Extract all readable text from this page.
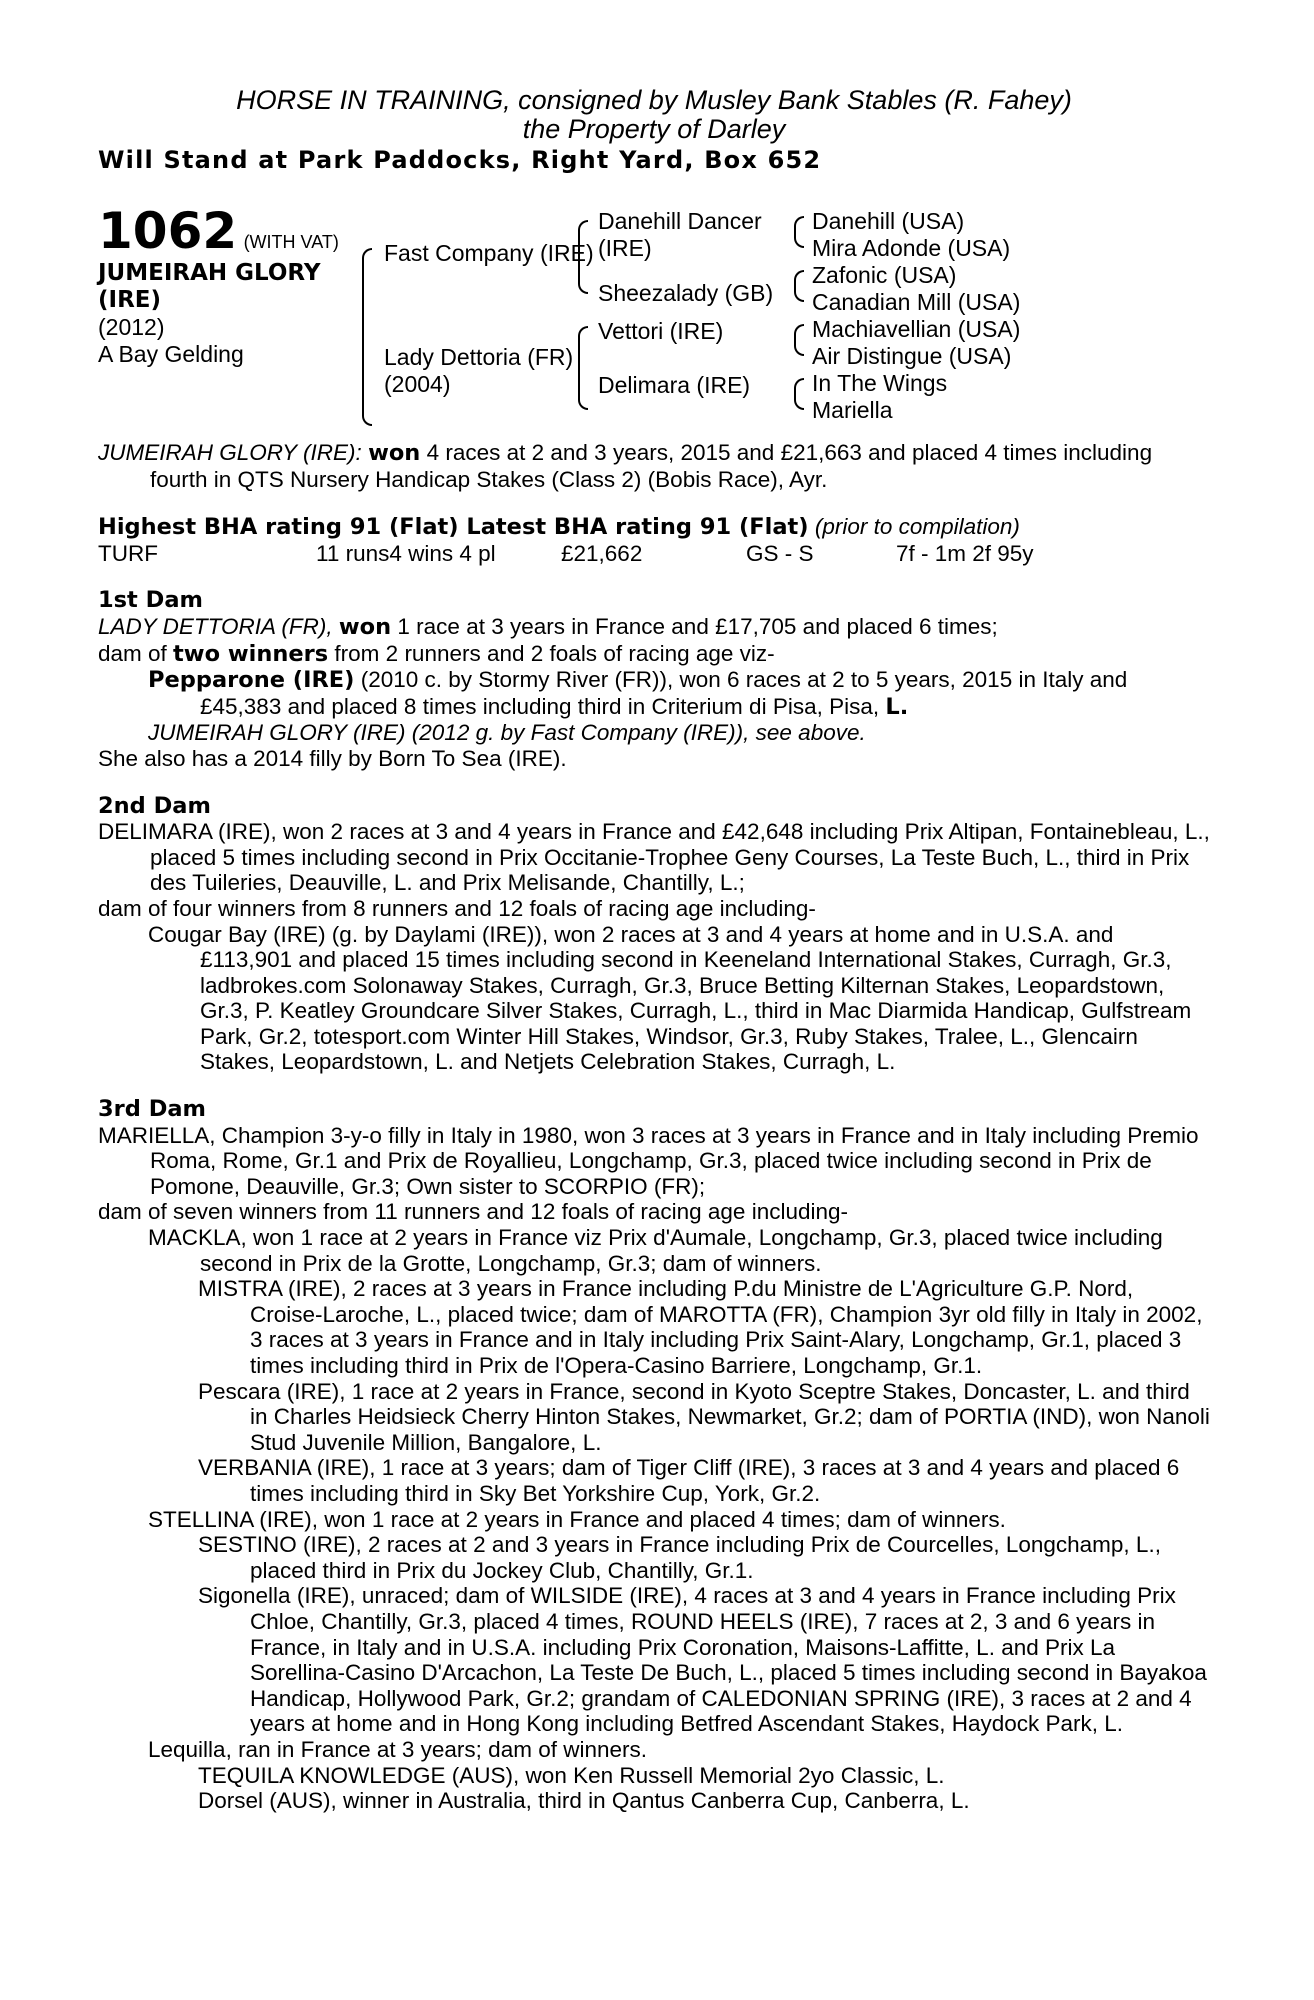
HORSE IN TRAINING, consigned by Musley Bank Stables (R. Fahey)
the Property of Darley
Will Stand at Park Paddocks, Right Yard, Box 652
1062 (WITH VAT)
JUMEIRAH GLORY
(IRE)
(2012)
A Bay Gelding
Fast Company (IRE)
Lady Dettoria (FR)
(2004)
Danehill Dancer
(IRE)
Sheezalady (GB)
Vettori (IRE)
Delimara (IRE)
Danehill (USA)
Mira Adonde (USA)
Zafonic (USA)
Canadian Mill (USA)
Machiavellian (USA)
Air Distingue (USA)
In The Wings
Mariella

JUMEIRAH GLORY (IRE): won 4 races at 2 and 3 years, 2015 and £21,663 and placed 4 times including fourth in QTS Nursery Handicap Stakes (Class 2) (Bobis Race), Ayr.

Highest BHA rating 91 (Flat) Latest BHA rating 91 (Flat) (prior to compilation)

TURF	11 runs4 wins 4 pl	£21,662	GS - S	7f - 1m 2f 95y

1st Dam

LADY DETTORIA (FR), won 1 race at 3 years in France and £17,705 and placed 6 times;

dam of two winners from 2 runners and 2 foals of racing age viz-

Pepparone (IRE) (2010 c. by Stormy River (FR)), won 6 races at 2 to 5 years, 2015 in Italy and £45,383 and placed 8 times including third in Criterium di Pisa, Pisa, L.

JUMEIRAH GLORY (IRE) (2012 g. by Fast Company (IRE)), see above.

She also has a 2014 filly by Born To Sea (IRE).

2nd Dam

DELIMARA (IRE), won 2 races at 3 and 4 years in France and £42,648 including Prix Altipan, Fontainebleau, L., placed 5 times including second in Prix Occitanie-Trophee Geny Courses, La Teste Buch, L., third in Prix des Tuileries, Deauville, L. and Prix Melisande, Chantilly, L.;

dam of four winners from 8 runners and 12 foals of racing age including-

Cougar Bay (IRE) (g. by Daylami (IRE)), won 2 races at 3 and 4 years at home and in U.S.A. and £113,901 and placed 15 times including second in Keeneland International Stakes, Curragh, Gr.3, ladbrokes.com Solonaway Stakes, Curragh, Gr.3, Bruce Betting Kilternan Stakes, Leopardstown, Gr.3, P. Keatley Groundcare Silver Stakes, Curragh, L., third in Mac Diarmida Handicap, Gulfstream Park, Gr.2, totesport.com Winter Hill Stakes, Windsor, Gr.3, Ruby Stakes, Tralee, L., Glencairn Stakes, Leopardstown, L. and Netjets Celebration Stakes, Curragh, L.

3rd Dam

MARIELLA, Champion 3-y-o filly in Italy in 1980, won 3 races at 3 years in France and in Italy including Premio Roma, Rome, Gr.1 and Prix de Royallieu, Longchamp, Gr.3, placed twice including second in Prix de Pomone, Deauville, Gr.3; Own sister to SCORPIO (FR);

dam of seven winners from 11 runners and 12 foals of racing age including-

MACKLA, won 1 race at 2 years in France viz Prix d'Aumale, Longchamp, Gr.3, placed twice including second in Prix de la Grotte, Longchamp, Gr.3; dam of winners.

MISTRA (IRE), 2 races at 3 years in France including P.du Ministre de L'Agriculture G.P. Nord, Croise-Laroche, L., placed twice; dam of MAROTTA (FR), Champion 3yr old filly in Italy in 2002, 3 races at 3 years in France and in Italy including Prix Saint-Alary, Longchamp, Gr.1, placed 3 times including third in Prix de l'Opera-Casino Barriere, Longchamp, Gr.1.

Pescara (IRE), 1 race at 2 years in France, second in Kyoto Sceptre Stakes, Doncaster, L. and third in Charles Heidsieck Cherry Hinton Stakes, Newmarket, Gr.2; dam of PORTIA (IND), won Nanoli Stud Juvenile Million, Bangalore, L.

VERBANIA (IRE), 1 race at 3 years; dam of Tiger Cliff (IRE), 3 races at 3 and 4 years and placed 6 times including third in Sky Bet Yorkshire Cup, York, Gr.2.

STELLINA (IRE), won 1 race at 2 years in France and placed 4 times; dam of winners.

SESTINO (IRE), 2 races at 2 and 3 years in France including Prix de Courcelles, Longchamp, L., placed third in Prix du Jockey Club, Chantilly, Gr.1.

Sigonella (IRE), unraced; dam of WILSIDE (IRE), 4 races at 3 and 4 years in France including Prix Chloe, Chantilly, Gr.3, placed 4 times, ROUND HEELS (IRE), 7 races at 2, 3 and 6 years in France, in Italy and in U.S.A. including Prix Coronation, Maisons-Laffitte, L. and Prix La Sorellina-Casino D'Arcachon, La Teste De Buch, L., placed 5 times including second in Bayakoa Handicap, Hollywood Park, Gr.2; grandam of CALEDONIAN SPRING (IRE), 3 races at 2 and 4 years at home and in Hong Kong including Betfred Ascendant Stakes, Haydock Park, L.

Lequilla, ran in France at 3 years; dam of winners.

TEQUILA KNOWLEDGE (AUS), won Ken Russell Memorial 2yo Classic, L.

Dorsel (AUS), winner in Australia, third in Qantus Canberra Cup, Canberra, L.
